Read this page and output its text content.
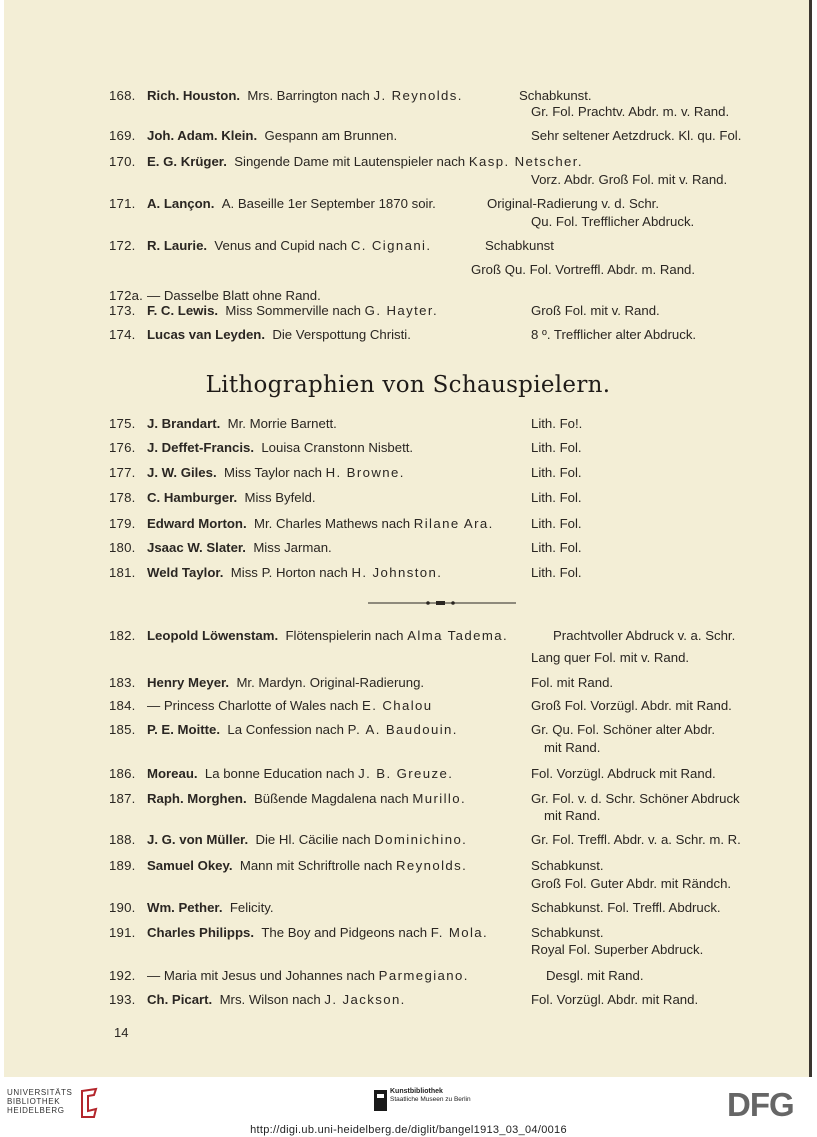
168. Rich. Houston. Mrs. Barrington nach J. Reynolds.	Schabkunst.
Gr. Fol. Prachtv. Abdr. m. v. Rand.
169. Joh. Adam. Klein. Gespann am Brunnen.	Sehr seltener Aetzdruck. Kl. qu. Fol.
170. E. G. Krüger. Singende Dame mit Lautenspieler nach Kasp. Netscher.
Vorz. Abdr. Groß Fol. mit v. Rand.
171. A. Lançon. A. Baseille 1er September 1870 soir.	Original-Radierung v. d. Schr.
Qu. Fol. Trefflicher Abdruck.
172. R. Laurie. Venus and Cupid nach C. Cignani.	Schabkunst
Groß Qu. Fol. Vortreffl. Abdr. m. Rand.
172a. — Dasselbe Blatt ohne Rand.
173. F. C. Lewis. Miss Sommerville nach G. Hayter.	Groß Fol. mit v. Rand.
174. Lucas van Leyden. Die Verspottung Christi.	8 º. Trefflicher alter Abdruck.
175. J. Brandart. Mr. Morrie Barnett.	Lith. Fo!.
176. J. Deffet-Francis. Louisa Cranstonn Nisbett.	Lith. Fol.
177. J. W. Giles. Miss Taylor nach H. Browne.	Lith. Fol.
178. C. Hamburger. Miss Byfeld.	Lith. Fol.
179. Edward Morton. Mr. Charles Mathews nach Rilane Ara.	Lith. Fol.
180. Jsaac W. Slater. Miss Jarman.	Lith. Fol.
181. Weld Taylor. Miss P. Horton nach H. Johnston.	Lith. Fol.
182. Leopold Löwenstam. Flötenspielerin nach Alma Tadema.	Prachtvoller Abdruck v. a. Schr.
Lang quer Fol. mit v. Rand.
183. Henry Meyer. Mr. Mardyn. Original-Radierung.	Fol. mit Rand.
184. — Princess Charlotte of Wales nach E. Chalou	Groß Fol. Vorzügl. Abdr. mit Rand.
185. P. E. Moitte. La Confession nach P. A. Baudouin.	Gr. Qu. Fol. Schöner alter Abdr.
mit Rand.
186. Moreau. La bonne Education nach J. B. Greuze.	Fol. Vorzügl. Abdruck mit Rand.
187. Raph. Morghen. Büßende Magdalena nach Murillo.	Gr. Fol. v. d. Schr. Schöner Abdruck
mit Rand.
188. J. G. von Müller. Die Hl. Cäcilie nach Dominichino.	Gr. Fol. Treffl. Abdr. v. a. Schr. m. R.
189. Samuel Okey. Mann mit Schriftrolle nach Reynolds.	Schabkunst.
Groß Fol. Guter Abdr. mit Rändch.
190. Wm. Pether. Felicity.	Schabkunst. Fol. Treffl. Abdruck.
191. Charles Philipps. The Boy and Pidgeons nach F. Mola.	Schabkunst.
Royal Fol. Superber Abdruck.
192. — Maria mit Jesus und Johannes nach Parmegiano.	Desgl. mit Rand.
193. Ch. Picart. Mrs. Wilson nach J. Jackson.	Fol. Vorzügl. Abdr. mit Rand.
Lithographien von Schauspielern.
14
UNIVERSITÄTS
BIBLIOTHEK
HEIDELBERG
Kunstbibliothek
Staatliche Museen zu Berlin	DFG
http://digi.ub.uni-heidelberg.de/diglit/bangel1913_03_04/0016
